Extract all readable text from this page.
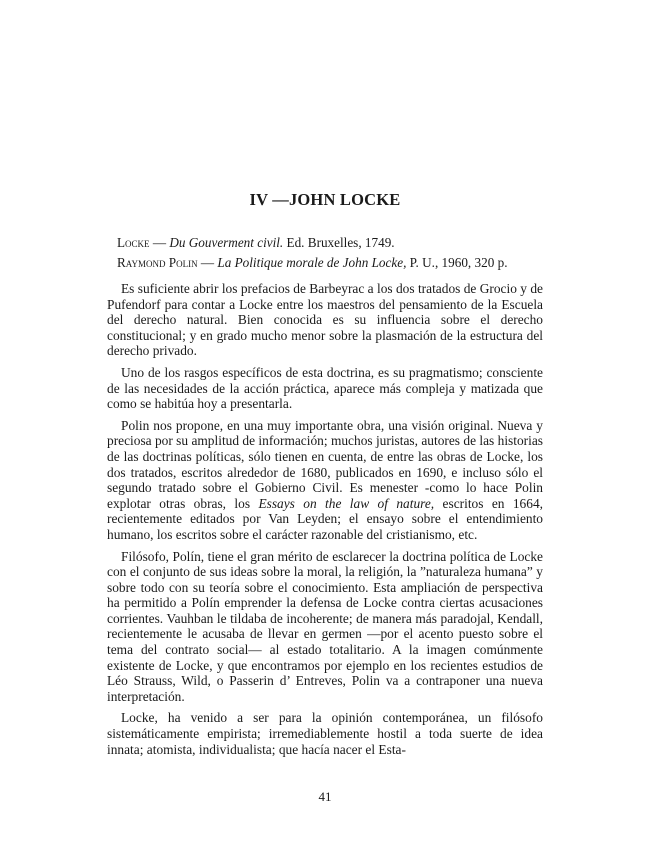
IV —JOHN LOCKE
Locke — Du Gouverment civil. Ed. Bruxelles, 1749.
Raymond Polin — La Politique morale de John Locke, P. U., 1960, 320 p.

Es suficiente abrir los prefacios de Barbeyrac a los dos tratados de Grocio y de Pufendorf para contar a Locke entre los maestros del pensamiento de la Escuela del derecho natural. Bien conocida es su influencia sobre el derecho constitucional; y en grado mucho menor sobre la plasmación de la estructura del derecho privado.

Uno de los rasgos específicos de esta doctrina, es su pragmatismo; consciente de las necesidades de la acción práctica, aparece más compleja y matizada que como se habitúa hoy a presentarla.

Polin nos propone, en una muy importante obra, una visión original. Nueva y preciosa por su amplitud de información; muchos juristas, autores de las historias de las doctrinas políticas, sólo tienen en cuenta, de entre las obras de Locke, los dos tratados, escritos alrededor de 1680, publicados en 1690, e incluso sólo el segundo tratado sobre el Gobierno Civil. Es menester -como lo hace Polin explotar otras obras, los Essays on the law of nature, escritos en 1664, recientemente editados por Van Leyden; el ensayo sobre el entendimiento humano, los escritos sobre el carácter razonable del cristianismo, etc.

Filósofo, Polín, tiene el gran mérito de esclarecer la doctrina política de Locke con el conjunto de sus ideas sobre la moral, la religión, la ”naturaleza humana” y sobre todo con su teoría sobre el conocimiento. Esta ampliación de perspectiva ha permitido a Polín emprender la defensa de Locke contra ciertas acusaciones corrientes. Vauhban le tildaba de incoherente; de manera más paradojal, Kendall, recientemente le acusaba de llevar en germen —por el acento puesto sobre el tema del contrato social— al estado totalitario. A la imagen comúnmente existente de Locke, y que encontramos por ejemplo en los recientes estudios de Léo Strauss, Wild, o Passerin d’ Entreves, Polin va a contraponer una nueva interpretación.

Locke, ha venido a ser para la opinión contemporánea, un filósofo sistemáticamente empirista; irremediablemente hostil a toda suerte de idea innata; atomista, individualista; que hacía nacer el Esta-

41
